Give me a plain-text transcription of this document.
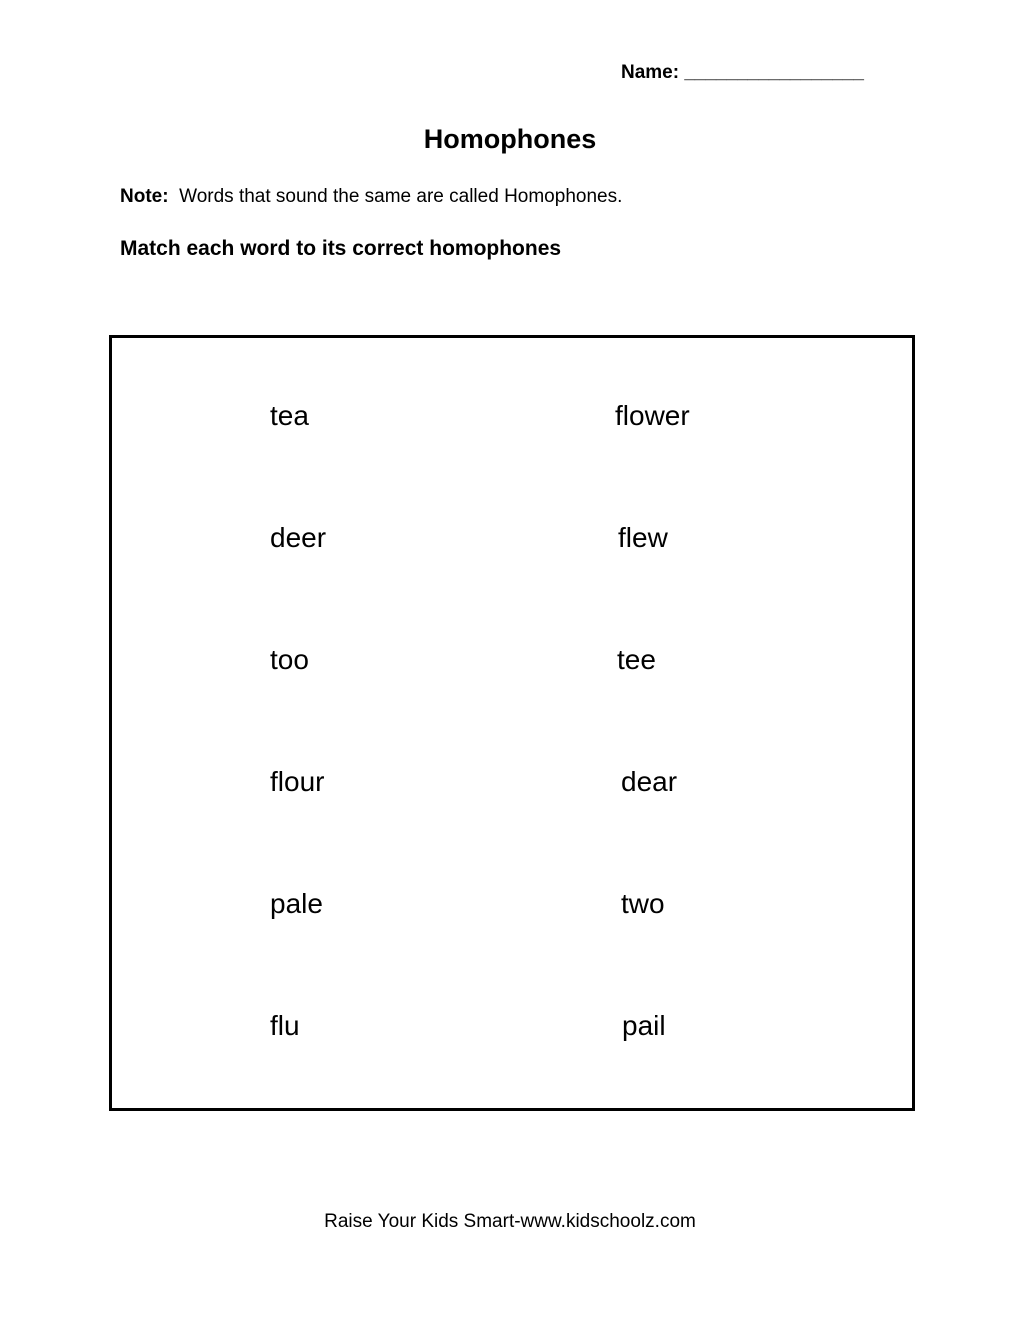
Name: _________________
Homophones
Note: Words that sound the same are called Homophones.
Match each word to its correct homophones
tea	flower
deer	flew
too	tee
flour	dear
pale	two
flu	pail
Raise Your Kids Smart-www.kidschoolz.com
